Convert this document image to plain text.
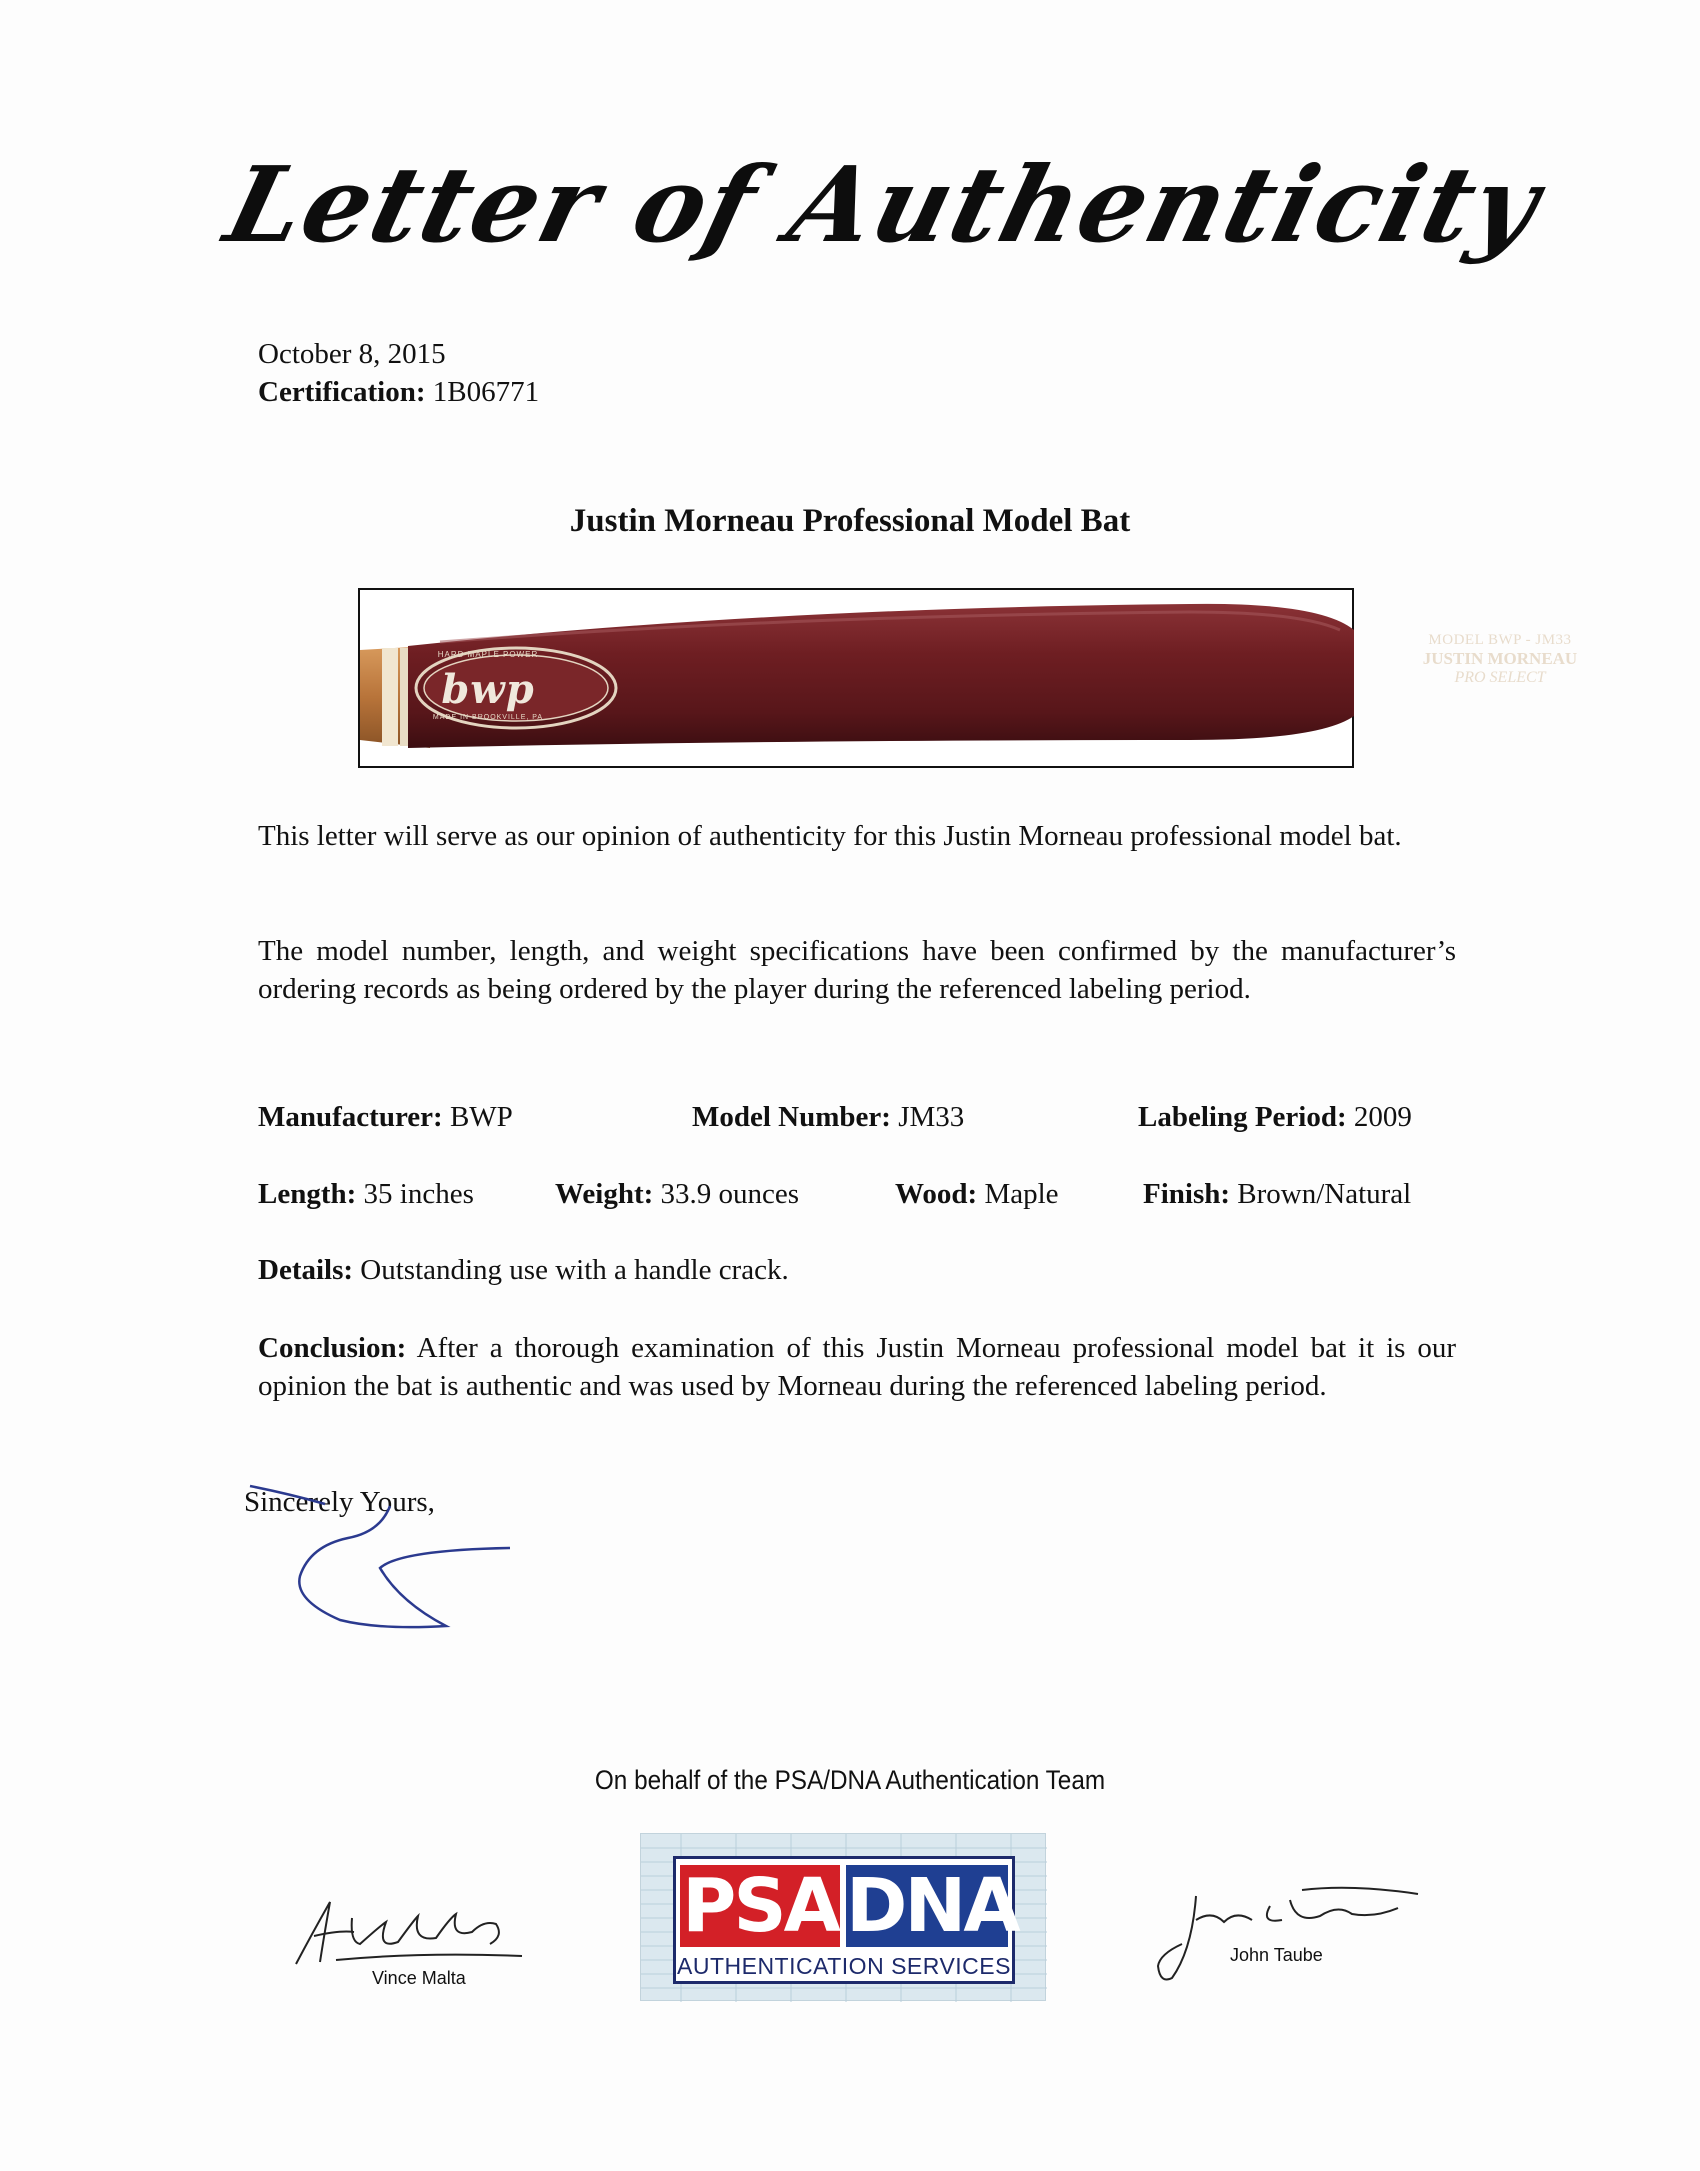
Letter of Authenticity
October 8, 2015
Certification: 1B06771
Justin Morneau Professional Model Bat
MODEL BWP - JM33
JUSTIN MORNEAU
PRO SELECT
HARD MAPLE POWER
bwp
MADE IN BROOKVILLE, PA
This letter will serve as our opinion of authenticity for this Justin Morneau professional model bat.
The model number, length, and weight specifications have been confirmed by the manufacturer’s ordering records as being ordered by the player during the referenced labeling period.
Manufacturer: BWP	Model Number: JM33	Labeling Period: 2009
Length: 35 inches	Weight: 33.9 ounces	Wood: Maple	Finish: Brown/Natural
Details: Outstanding use with a handle crack.
Conclusion: After a thorough examination of this Justin Morneau professional model bat it is our opinion the bat is authentic and was used by Morneau during the referenced labeling period.
Sincerely Yours,
On behalf of the PSA/DNA Authentication Team
PSA DNA
AUTHENTICATION SERVICES
Vince Malta
John Taube
